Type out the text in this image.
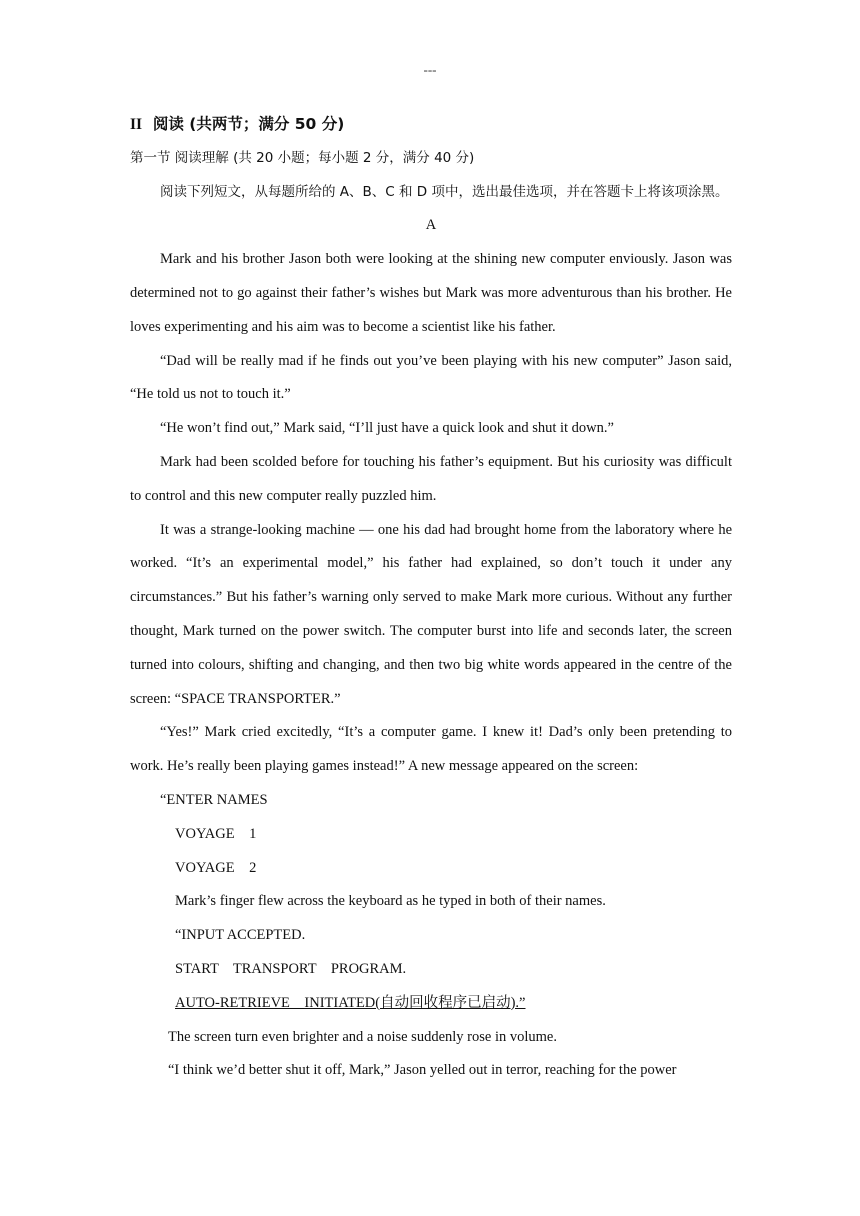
---

II 阅读 (共两节；满分 50 分)

第一节 阅读理解 (共 20 小题；每小题 2 分，满分 40 分)

阅读下列短文，从每题所给的 A、B、C 和 D 项中，选出最佳选项，并在答题卡上将该项涂黑。

A

Mark and his brother Jason both were looking at the shining new computer enviously. Jason was determined not to go against their father’s wishes but Mark was more adventurous than his brother. He loves experimenting and his aim was to become a scientist like his father.

“Dad will be really mad if he finds out you’ve been playing with his new computer” Jason said, “He told us not to touch it.”

“He won’t find out,” Mark said, “I’ll just have a quick look and shut it down.”

Mark had been scolded before for touching his father’s equipment. But his curiosity was difficult to control and this new computer really puzzled him.

It was a strange-looking machine — one his dad had brought home from the laboratory where he worked. “It’s an experimental model,” his father had explained, so don’t touch it under any circumstances.” But his father’s warning only served to make Mark more curious. Without any further thought, Mark turned on the power switch. The computer burst into life and seconds later, the screen turned into colours, shifting and changing, and then two big white words appeared in the centre of the screen: “SPACE TRANSPORTER.”

“Yes!” Mark cried excitedly, “It’s a computer game. I knew it! Dad’s only been pretending to work. He’s really been playing games instead!” A new message appeared on the screen:

“ENTER NAMES

VOYAGE    1

VOYAGE    2

Mark’s finger flew across the keyboard as he typed in both of their names.

“INPUT ACCEPTED.

START    TRANSPORT    PROGRAM.

AUTO-RETRIEVE    INITIATED(自动回收程序已启动).”

The screen turn even brighter and a noise suddenly rose in volume.

“I think we’d better shut it off, Mark,” Jason yelled out in terror, reaching for the power
